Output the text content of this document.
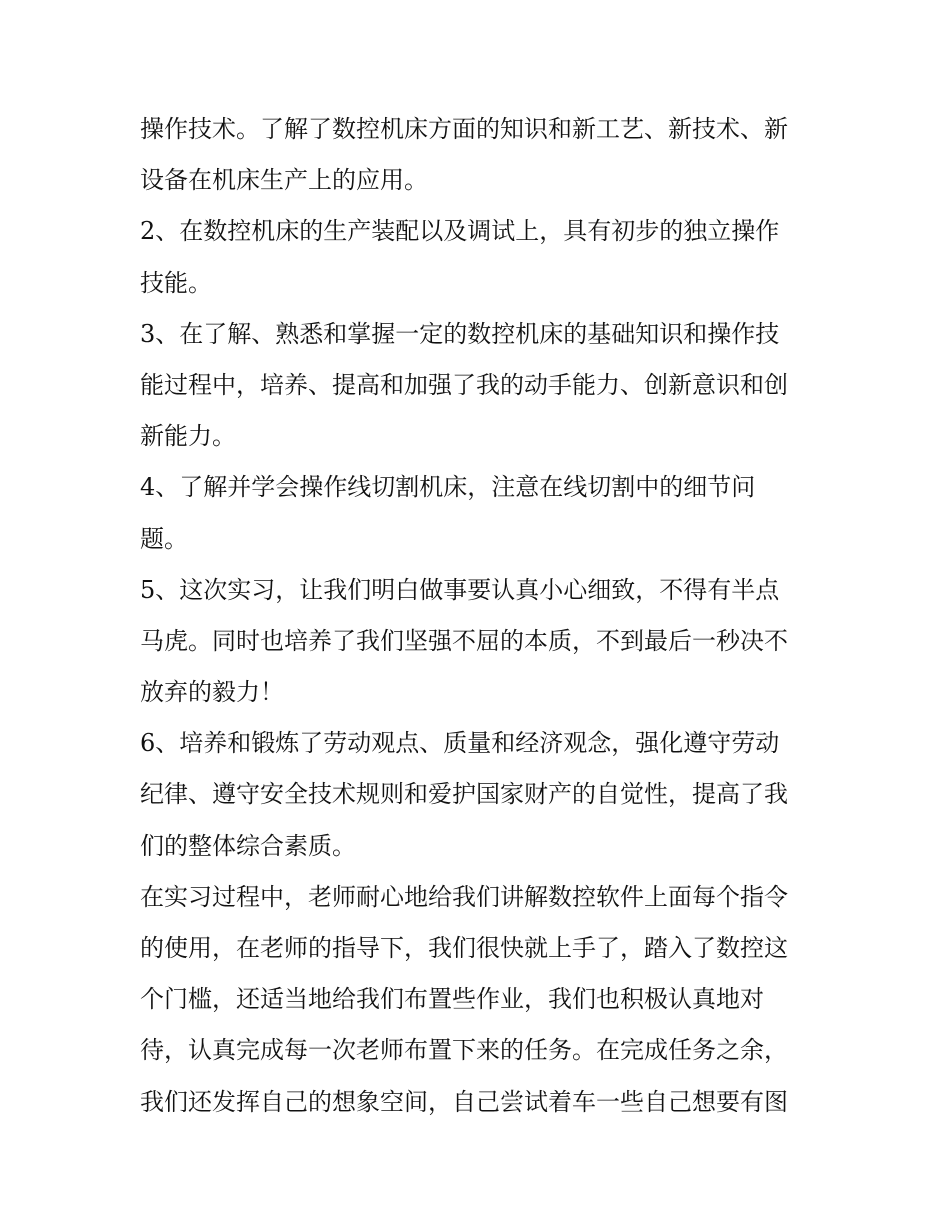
操作技术。了解了数控机床方面的知识和新工艺、新技术、新
设备在机床生产上的应用。
2、在数控机床的生产装配以及调试上，具有初步的独立操作
技能。
3、在了解、熟悉和掌握一定的数控机床的基础知识和操作技
能过程中，培养、提高和加强了我的动手能力、创新意识和创
新能力。
4、了解并学会操作线切割机床，注意在线切割中的细节问
题。
5、这次实习，让我们明白做事要认真小心细致，不得有半点
马虎。同时也培养了我们坚强不屈的本质，不到最后一秒决不
放弃的毅力！
6、培养和锻炼了劳动观点、质量和经济观念，强化遵守劳动
纪律、遵守安全技术规则和爱护国家财产的自觉性，提高了我
们的整体综合素质。
在实习过程中，老师耐心地给我们讲解数控软件上面每个指令
的使用，在老师的指导下，我们很快就上手了，踏入了数控这
个门槛，还适当地给我们布置些作业，我们也积极认真地对
待，认真完成每一次老师布置下来的任务。在完成任务之余，
我们还发挥自己的想象空间，自己尝试着车一些自己想要有图
